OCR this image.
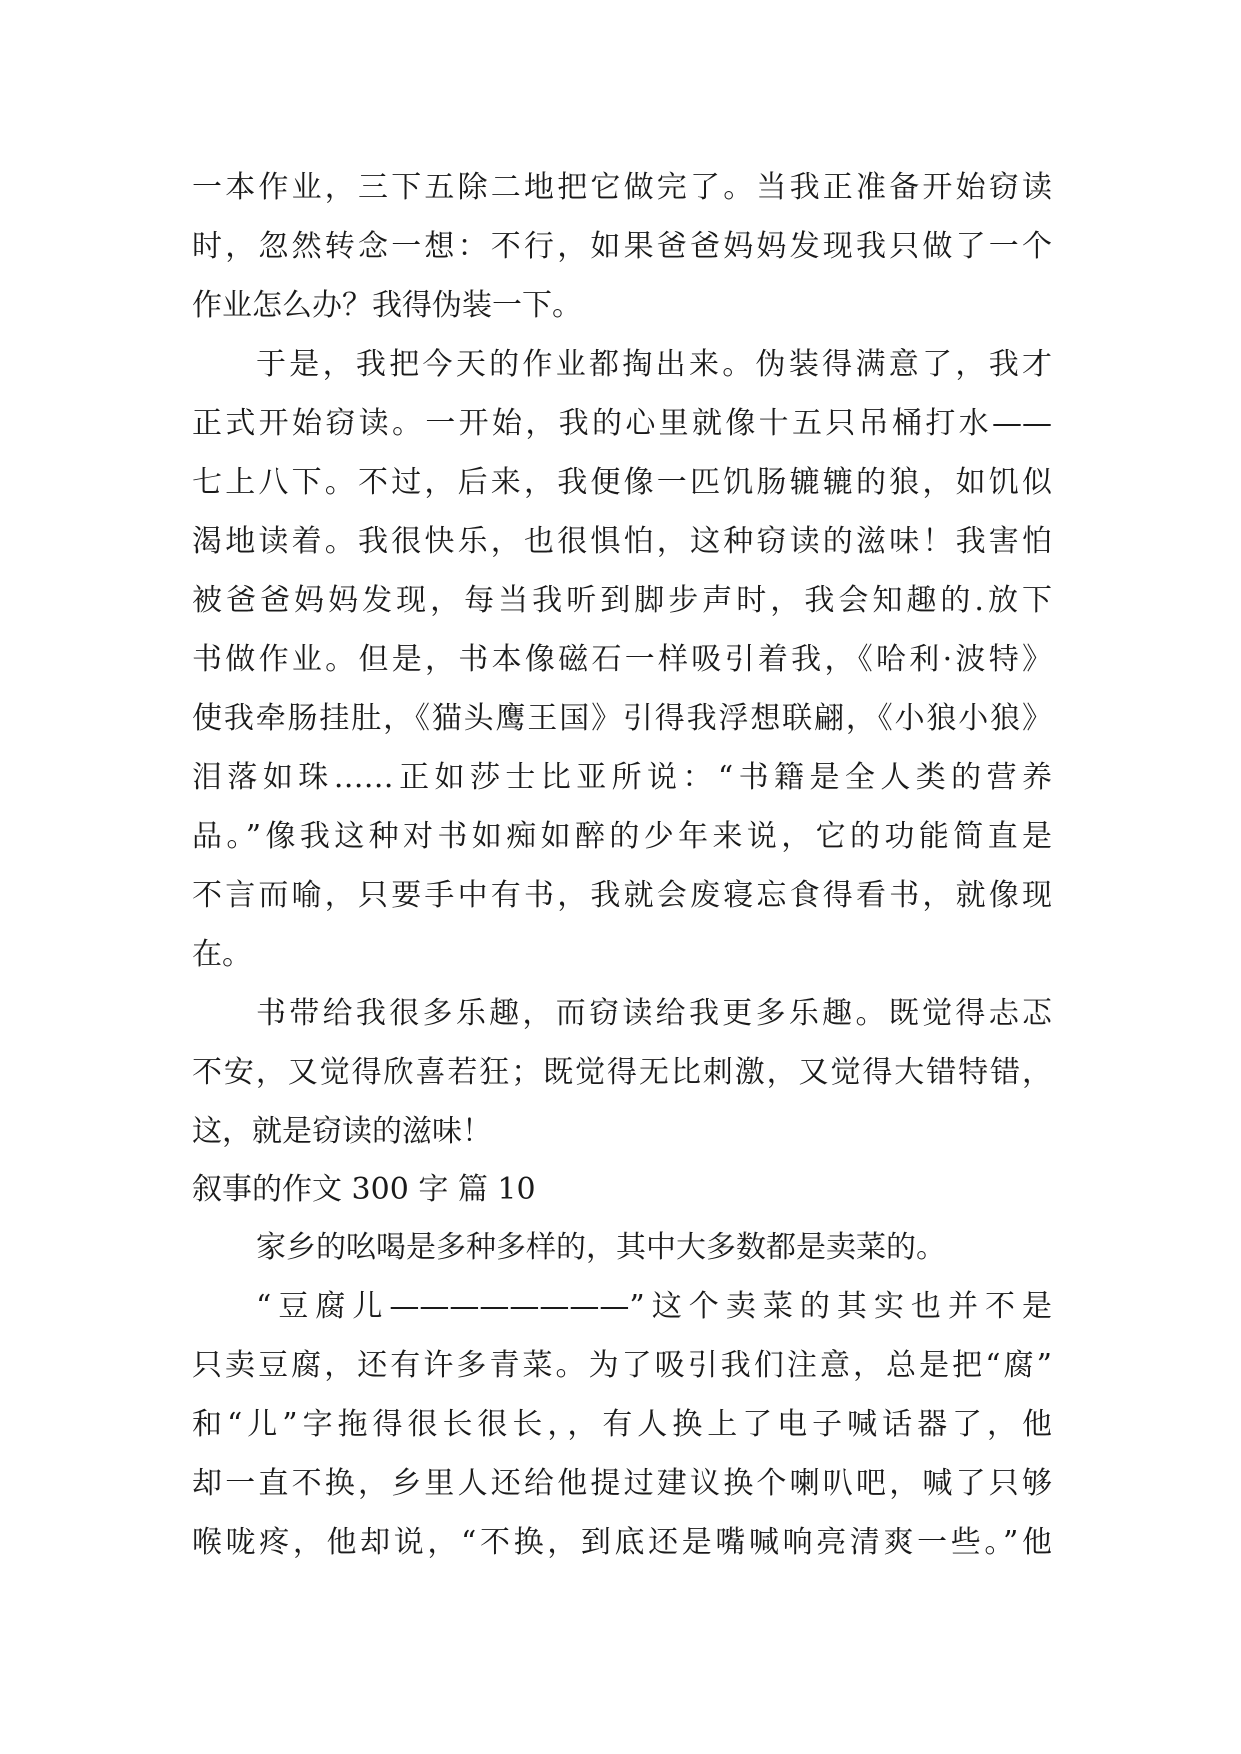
一本作业，三下五除二地把它做完了。当我正准备开始窃读
时，忽然转念一想：不行，如果爸爸妈妈发现我只做了一个
作业怎么办？我得伪装一下。
于是，我把今天的作业都掏出来。伪装得满意了，我才
正式开始窃读。一开始，我的心里就像十五只吊桶打水——
七上八下。不过，后来，我便像一匹饥肠辘辘的狼，如饥似
渴地读着。我很快乐，也很惧怕，这种窃读的滋味！我害怕
被爸爸妈妈发现，每当我听到脚步声时，我会知趣的.放下
书做作业。但是，书本像磁石一样吸引着我，《哈利·波特》
使我牵肠挂肚，《猫头鹰王国》引得我浮想联翩，《小狼小狼》
泪落如珠……正如莎士比亚所说：“书籍是全人类的营养
品。”像我这种对书如痴如醉的少年来说，它的功能简直是
不言而喻，只要手中有书，我就会废寝忘食得看书，就像现
在。
书带给我很多乐趣，而窃读给我更多乐趣。既觉得忐忑
不安，又觉得欣喜若狂；既觉得无比刺激，又觉得大错特错，
这，就是窃读的滋味！
叙事的作文 300 字 篇 10
家乡的吆喝是多种多样的，其中大多数都是卖菜的。
“豆腐儿————————”这个卖菜的其实也并不是
只卖豆腐，还有许多青菜。为了吸引我们注意，总是把“腐”
和“儿”字拖得很长很长，，有人换上了电子喊话器了，他
却一直不换，乡里人还给他提过建议换个喇叭吧，喊了只够
喉咙疼，他却说，“不换，到底还是嘴喊响亮清爽一些。”他
